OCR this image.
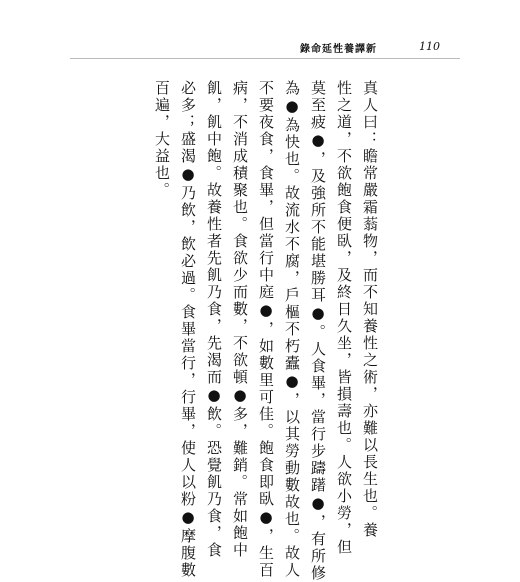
錄命延性養譯新	110
真人曰：瞻常嚴霜蓊物，而不知養性之術，亦難以長生也。養
性之道，不欲飽食便臥，及終日久坐，皆損壽也。人欲小勞，但
莫至疲●，及強所不能堪勝耳●。人食畢，當行步躊躇●，有所修
為●為快也。故流水不腐，戶樞不朽蠹●，以其勞動數故也。故人
不要夜食，食畢，但當行中庭●，如數里可佳。飽食即臥●，生百
病，不消成積聚也。食欲少而數，不欲頓●多，難銷。常如飽中
飢，飢中飽。故養性者先飢乃食，先渴而●飲。恐覺飢乃食，食
必多；盛渴●乃飲，飲必過。食畢當行，行畢，使人以粉●摩腹數
百遍，大益也。
